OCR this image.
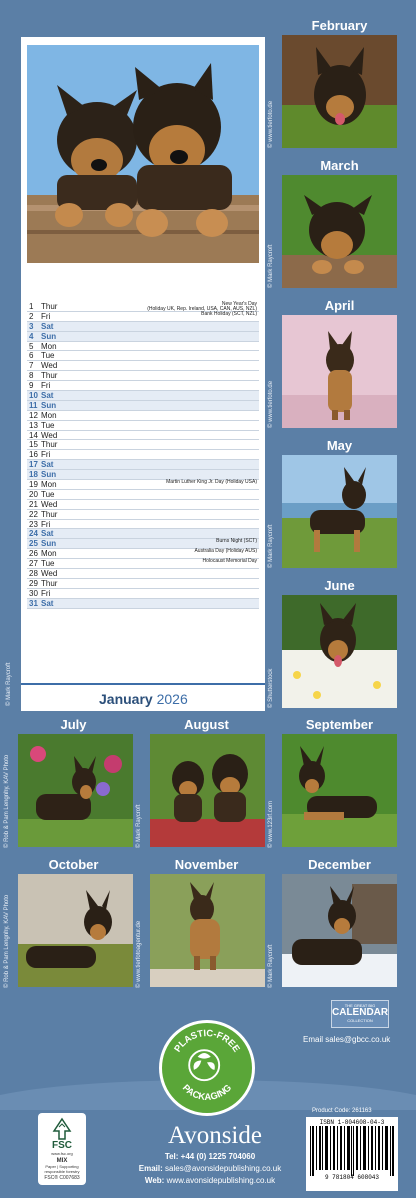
1 Thur	New Year's Day
(Holiday UK, Rep. Ireland, USA, CAN, AUS, NZL)
2 Fri	Bank Holiday (SCT, NZL)
3 Sat
4 Sun
5 Mon
6 Tue
7 Wed
8 Thur
9 Fri
10 Sat
11 Sun
12 Mon
13 Tue
14 Wed
15 Thur
16 Fri
17 Sat
18 Sun
19 Mon	Martin Luther King Jr. Day (Holiday USA)
20 Tue
21 Wed
22 Thur
23 Fri
24 Sat
25 Sun	Burns Night (SCT)
26 Mon	Australia Day (Holiday AUS)
27 Tue	Holocaust Memorial Day
28 Wed
29 Thur
30 Fri
31 Sat
January 2026
© Mark Raycroft
February
© www.tierfoto.de
March
© Mark Raycroft
April
© www.tierfoto.de
May
© Mark Raycroft
June
© Shutterstock
July
© Rob & Pam Lengnhy, KAV Photo
August
© Mark Raycroft
September
© www.123rf.com
October
© Rob & Pam Lengnhy, KAV Photo
November
© www.tierfotoagentur.de
December
© Mark Raycroft
THE GREAT BIG
CALENDAR
COLLECTION
Email sales@gbcc.co.uk
PLASTIC-FREE
PACKAGING
FSC
www.fsc.org
MIX
Paper | Supporting
responsible forestry
FSC® C007683
Avonside
Tel: +44 (0) 1225 704060
Email: sales@avonsidepublishing.co.uk
Web: www.avonsidepublishing.co.uk
Product Code: 261163
ISBN 1-804608-04-3
9 781804 608043
